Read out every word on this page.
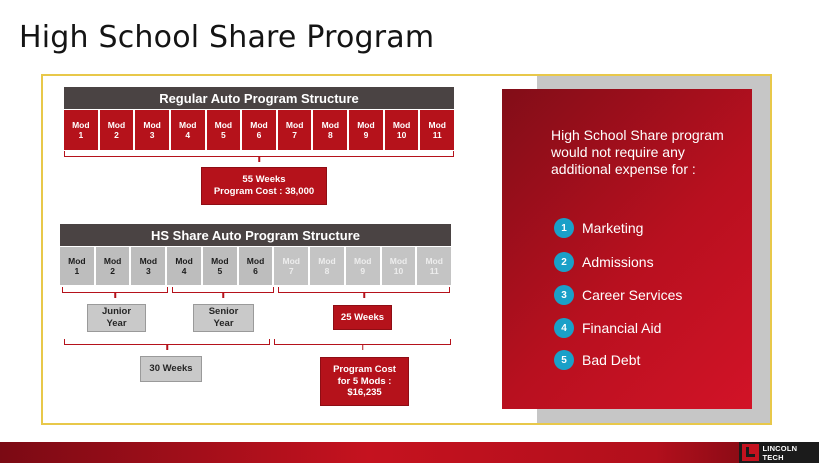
High School Share Program
Regular Auto Program Structure
Mod
1
Mod
2
Mod
3
Mod
4
Mod
5
Mod
6
Mod
7
Mod
8
Mod
9
Mod
10
Mod
11
55 Weeks
Program Cost : 38,000
HS Share Auto Program Structure
Mod
1
Mod
2
Mod
3
Mod
4
Mod
5
Mod
6
Mod
7
Mod
8
Mod
9
Mod
10
Mod
11
Junior
Year
Senior
Year
25 Weeks
30 Weeks	Program Cost
for 5 Mods :
$16,235
High School Share program would not require any additional expense for :
1	Marketing
2	Admissions
3	Career Services
4	Financial Aid
5	Bad Debt
LINCOLN TECH
